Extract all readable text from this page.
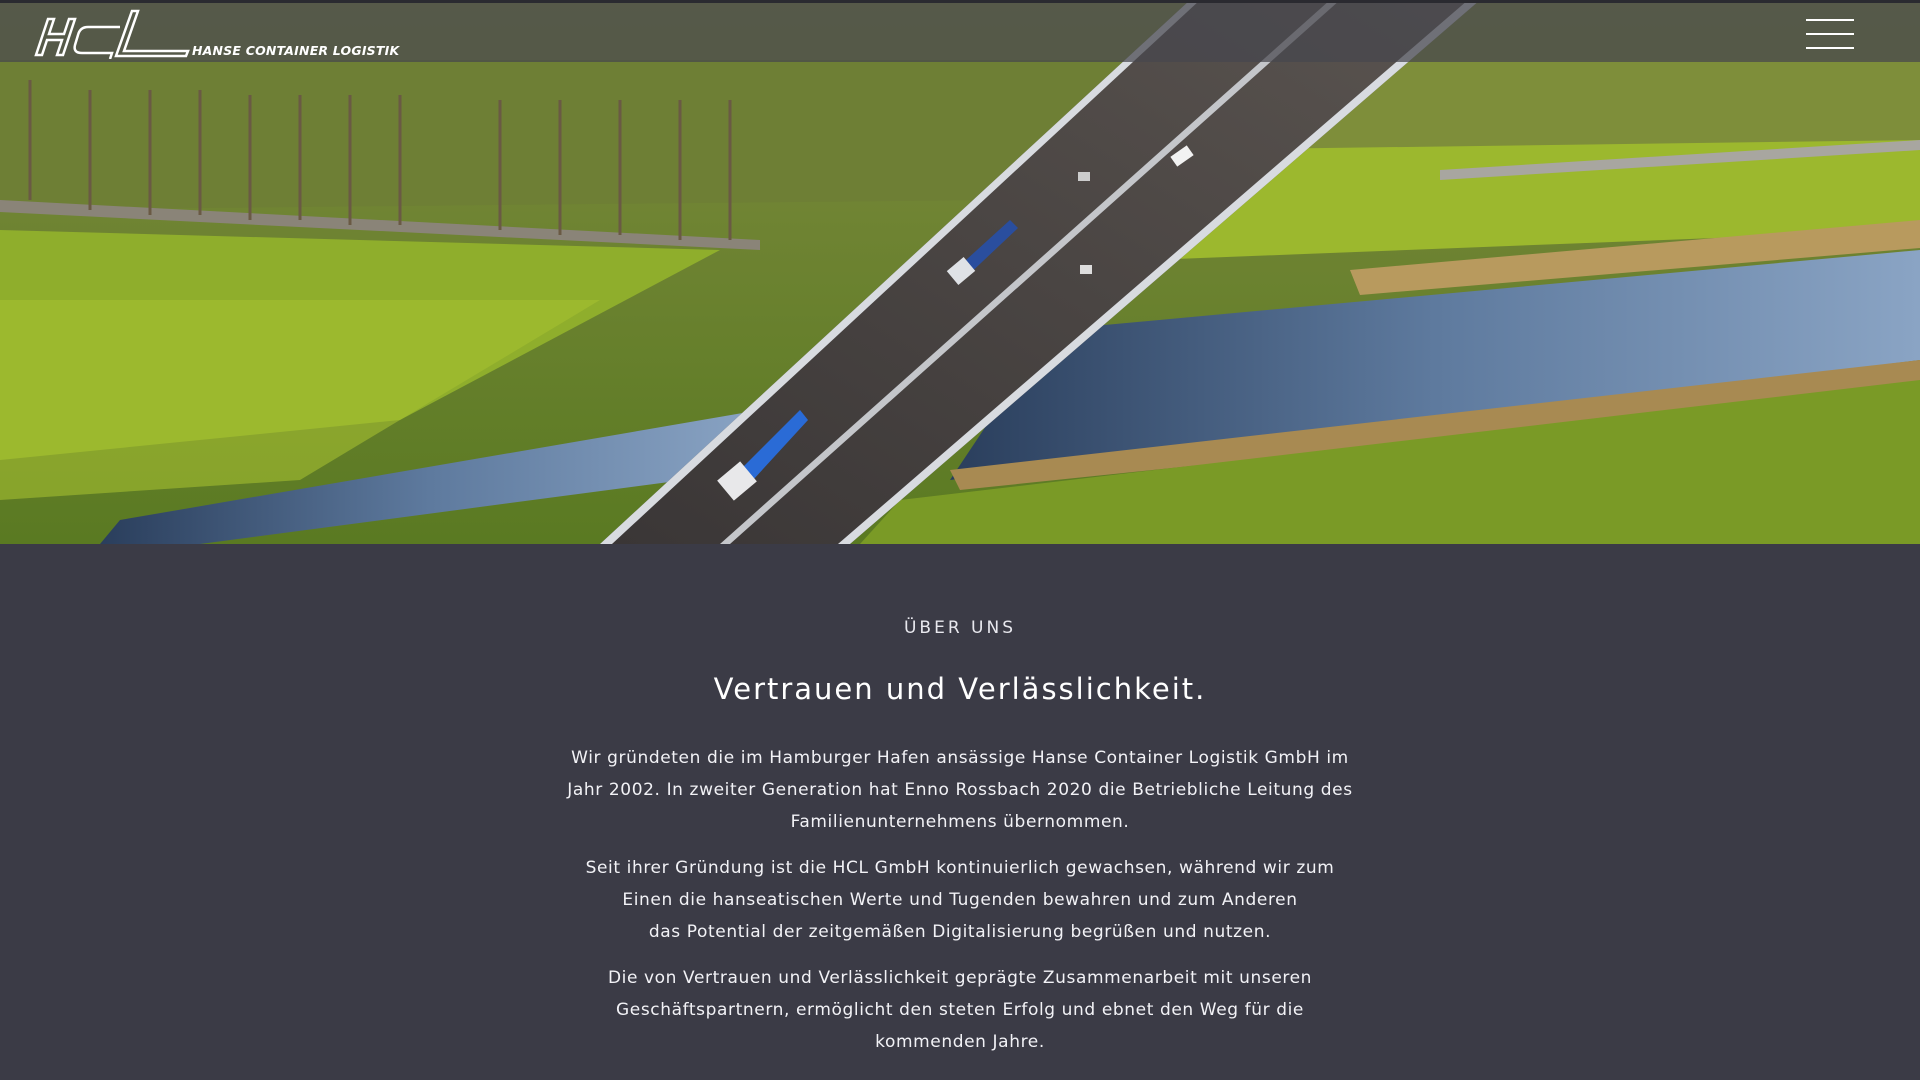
HANSE CONTAINER LOGISTIK
ÜBER UNS
Vertrauen und Verlässlichkeit.

Wir gründeten die im Hamburger Hafen ansässige Hanse Container Logistik GmbH im
Jahr 2002. In zweiter Generation hat Enno Rossbach 2020 die Betriebliche Leitung des
Familienunternehmens übernommen.

Seit ihrer Gründung ist die HCL GmbH kontinuierlich gewachsen, während wir zum
Einen die hanseatischen Werte und Tugenden bewahren und zum Anderen
das Potential der zeitgemäßen Digitalisierung begrüßen und nutzen.

Die von Vertrauen und Verlässlichkeit geprägte Zusammenarbeit mit unseren
Geschäftspartnern, ermöglicht den steten Erfolg und ebnet den Weg für die
kommenden Jahre.
